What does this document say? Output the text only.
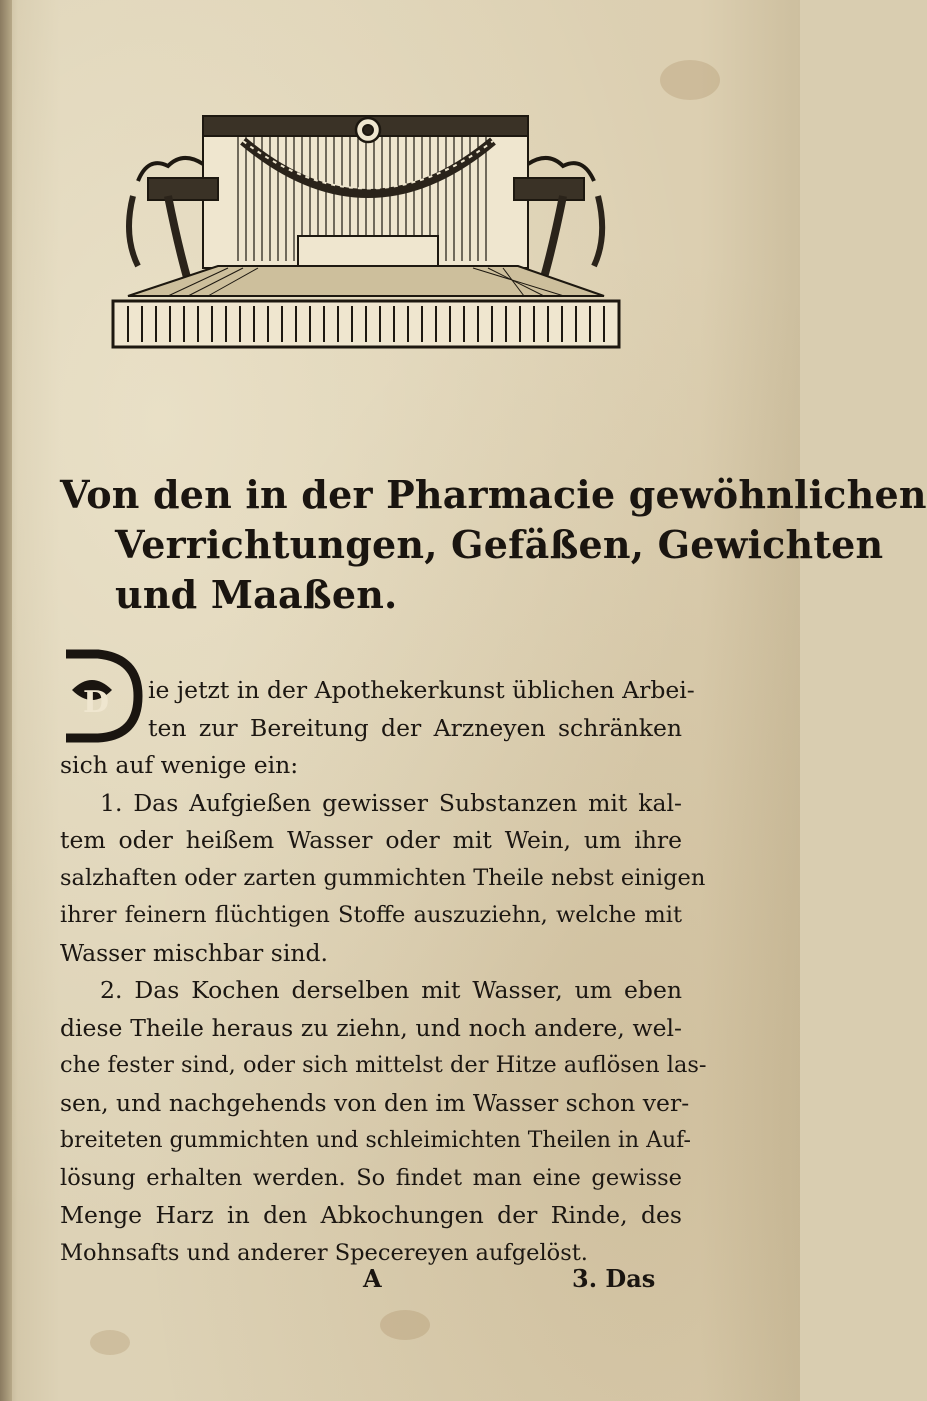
Von den in der Pharmacie gewöhnlichen
Verrichtungen, Gefäßen, Gewichten
und Maaßen.
D	ie jetzt in der Apothekerkunst üblichen Arbei-
ten zur Bereitung der Arzneyen schränken
sich auf wenige ein:
1. Das Aufgießen gewisser Substanzen mit kal-
tem oder heißem Wasser oder mit Wein, um ihre
salzhaften oder zarten gummichten Theile nebst einigen
ihrer feinern flüchtigen Stoffe auszuziehn, welche mit
Wasser mischbar sind.
2. Das Kochen derselben mit Wasser, um eben
diese Theile heraus zu ziehn, und noch andere, wel-
che fester sind, oder sich mittelst der Hitze auflösen las-
sen, und nachgehends von den im Wasser schon ver-
breiteten gummichten und schleimichten Theilen in Auf-
lösung erhalten werden. So findet man eine gewisse
Menge Harz in den Abkochungen der Rinde, des
Mohnsafts und anderer Specereyen aufgelöst.
A	3. Das
